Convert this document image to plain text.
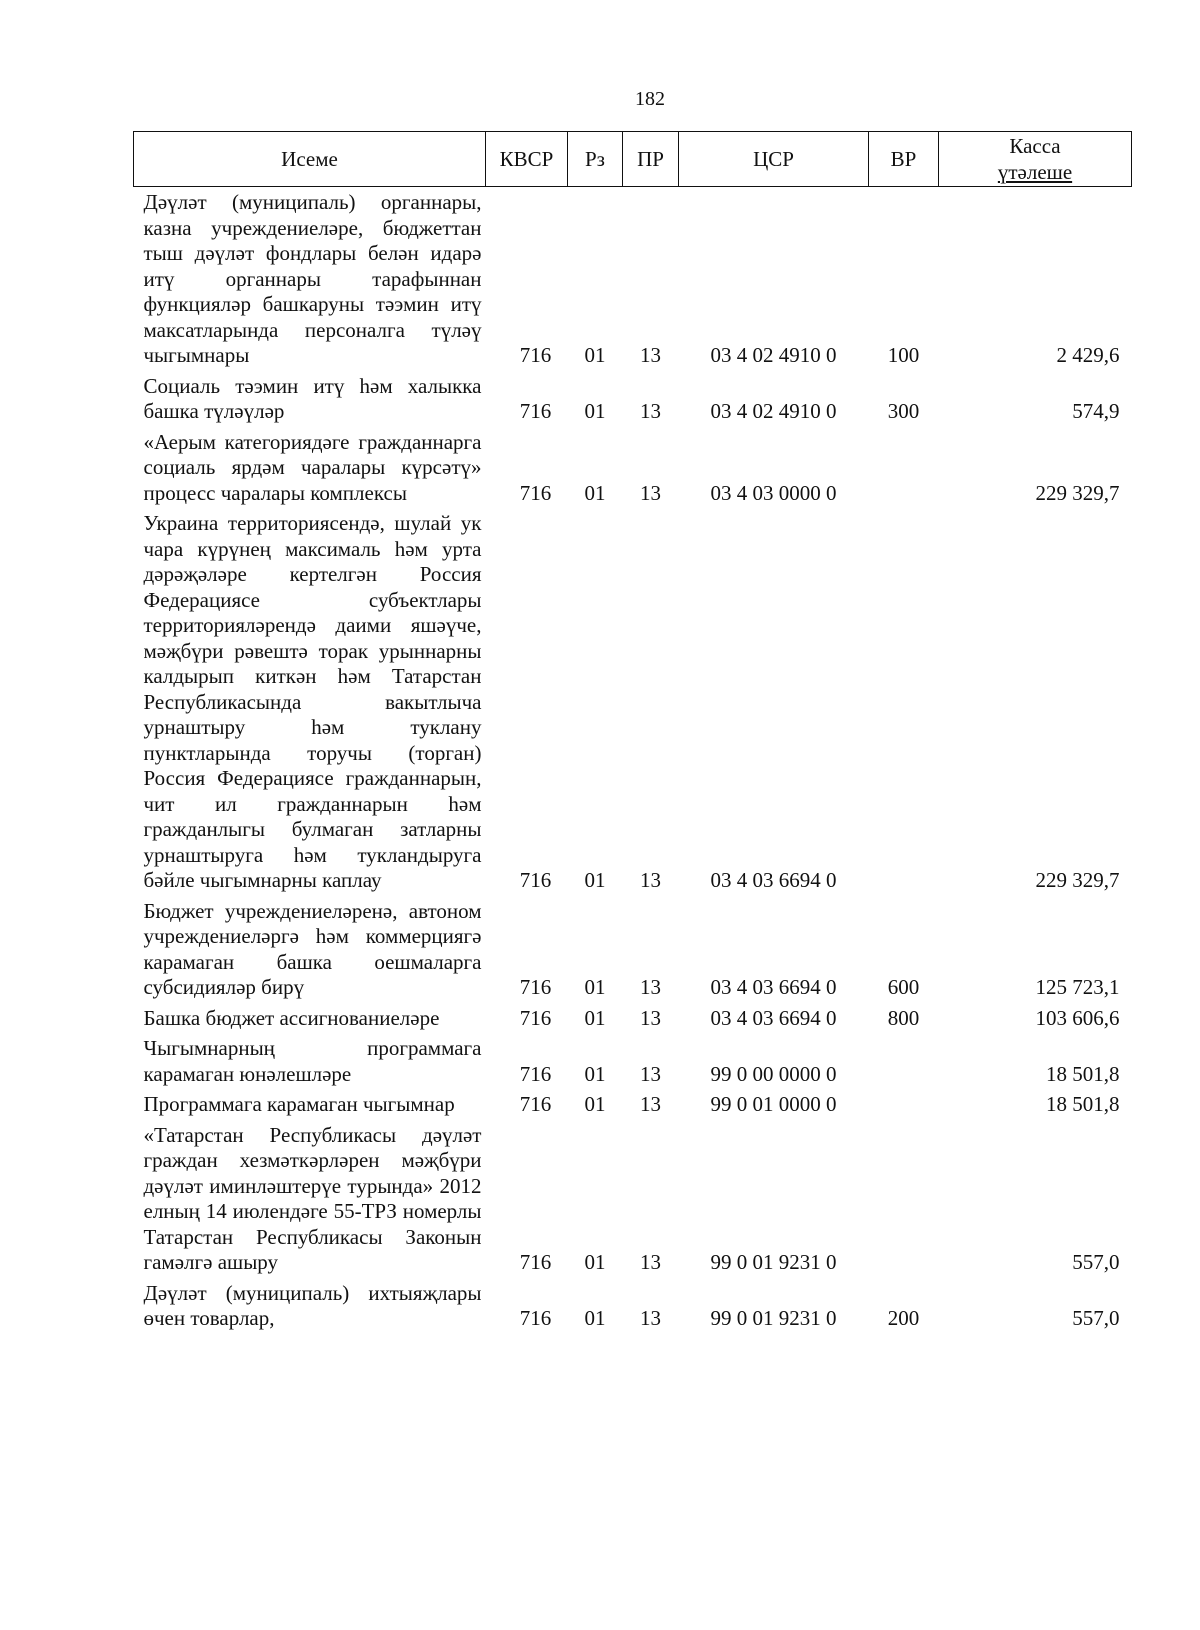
182
Исеме	КВСР	Рз	ПР	ЦСР	ВР	Касса
үтәлеше

Дәүләт (муниципаль) органнары, казна учреждениеләре, бюджеттан тыш дәүләт фондлары белән идарә итү органнары тарафыннан функцияләр башкаруны тәэмин итү максатларында персоналга түләү чыгымнары	716	01	13	03 4 02 4910 0	100	2 429,6
Социаль тәэмин итү һәм халыкка башка түләүләр	716	01	13	03 4 02 4910 0	300	574,9
«Аерым категориядәге гражданнарга социаль ярдәм чаралары күрсәтү» процесс чаралары комплексы	716	01	13	03 4 03 0000 0		229 329,7
Украина территориясендә, шулай ук чара күрүнең максималь һәм урта дәрәҗәләре кертелгән Россия Федерациясе субъектлары территорияләрендә даими яшәүче, мәҗбүри рәвештә торак урыннарны калдырып киткән һәм Татарстан Республикасында вакытлыча урнаштыру һәм туклану пунктларында торучы (торган) Россия Федерациясе гражданнарын, чит ил гражданнарын һәм гражданлыгы булмаган затларны урнаштыруга һәм тукландыруга бәйле чыгымнарны каплау	716	01	13	03 4 03 6694 0		229 329,7
Бюджет учреждениеләренә, автоном учреждениеләргә һәм коммерциягә карамаган башка оешмаларга субсидияләр бирү	716	01	13	03 4 03 6694 0	600	125 723,1
Башка бюджет ассигнованиеләре	716	01	13	03 4 03 6694 0	800	103 606,6
Чыгымнарның программага карамаган юнәлешләре	716	01	13	99 0 00 0000 0		18 501,8
Программага карамаган чыгымнар	716	01	13	99 0 01 0000 0		18 501,8
«Татарстан Республикасы дәүләт граждан хезмәткәрләрен мәҗбүри дәүләт иминләштерүе турында» 2012 елның 14 июлендәге 55-ТРЗ номерлы Татарстан Республикасы Законын гамәлгә ашыру	716	01	13	99 0 01 9231 0		557,0
Дәүләт (муниципаль) ихтыяҗлары өчен товарлар,	716	01	13	99 0 01 9231 0	200	557,0
